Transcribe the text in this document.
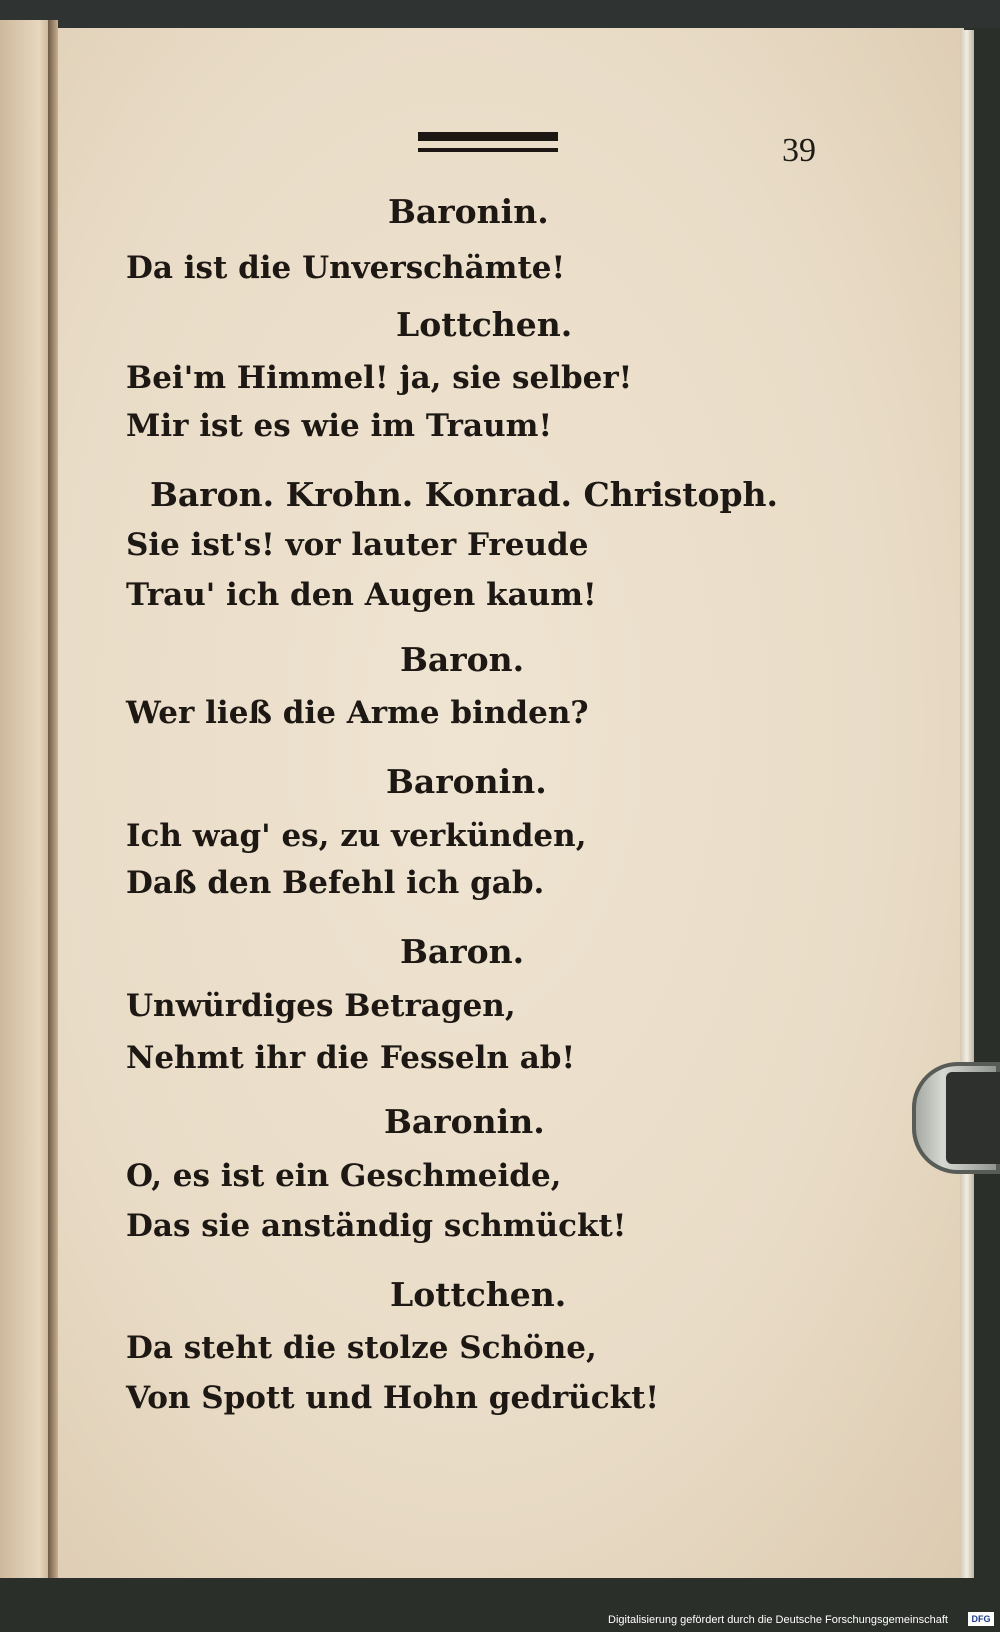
39
Baronin.
Da ist die Unverschämte!
Lottchen.
Bei'm Himmel! ja, sie selber!
Mir ist es wie im Traum!
Baron. Krohn. Konrad. Christoph.
Sie ist's! vor lauter Freude
Trau' ich den Augen kaum!
Baron.
Wer ließ die Arme binden?
Baronin.
Ich wag' es, zu verkünden,
Daß den Befehl ich gab.
Baron.
Unwürdiges Betragen,
Nehmt ihr die Fesseln ab!
Baronin.
O, es ist ein Geschmeide,
Das sie anständig schmückt!
Lottchen.
Da steht die stolze Schöne,
Von Spott und Hohn gedrückt!
Digitalisierung gefördert durch die Deutsche Forschungsgemeinschaft	DFG
